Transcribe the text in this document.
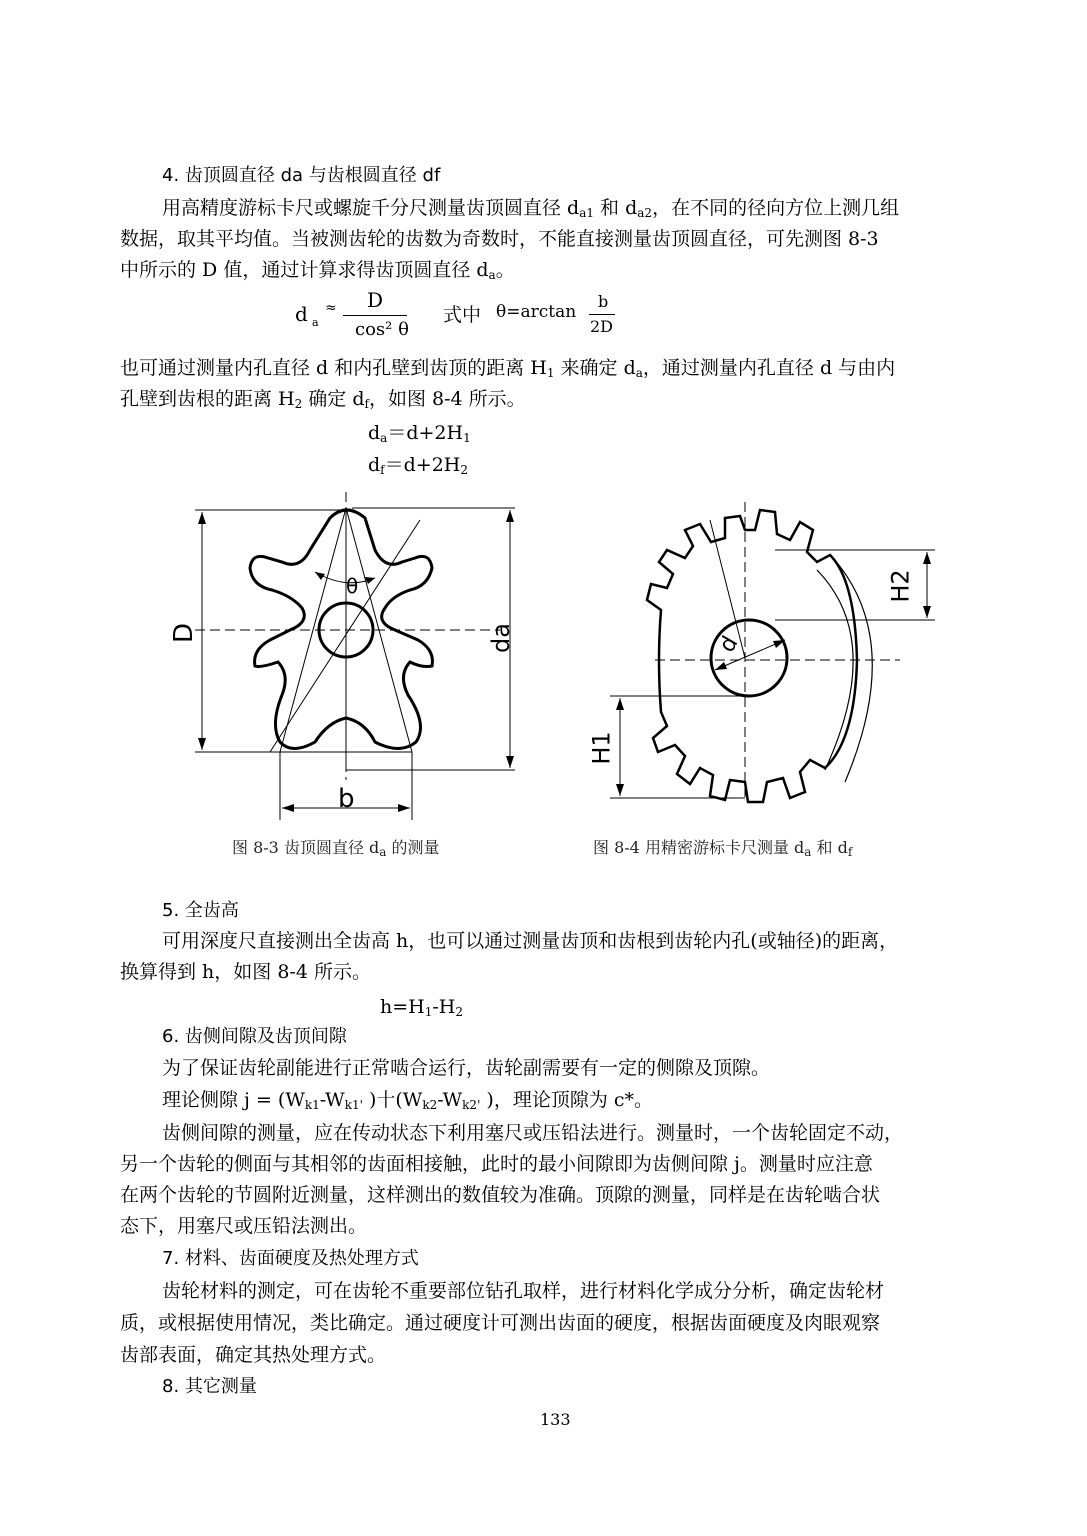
4. 齿顶圆直径 da 与齿根圆直径 df
用高精度游标卡尺或螺旋千分尺测量齿顶圆直径 $d_{a1}$ 和 $d_{a2}$，在不同的径向方位上测几组
数据，取其平均值。当被测齿轮的齿数为奇数时，不能直接测量齿顶圆直径，可先测图 8-3
中所示的 D 值，通过计算求得齿顶圆直径 $d_a$。
d a
≈ D
cos² θ
式中 θ=arctan
b
2D
也可通过测量内孔直径 d 和内孔壁到齿顶的距离 $H_1$ 来确定 $d_a$，通过测量内孔直径 d 与由内
孔壁到齿根的距离 $H_2$ 确定 $d_f$，如图 8-4 所示。
$d_a=d+2H_1$
$d_f=d+2H_2$
D	da
θ
b
H2
H1
d
图 8-3 齿顶圆直径 $d_a$ 的测量	图 8-4 用精密游标卡尺测量 $d_a$ 和 $d_f$
5. 全齿高
可用深度尺直接测出全齿高 h，也可以通过测量齿顶和齿根到齿轮内孔(或轴径)的距离，
换算得到 h，如图 8-4 所示。
$h=H_1-H_2$
6. 齿侧间隙及齿顶间隙
为了保证齿轮副能进行正常啮合运行，齿轮副需要有一定的侧隙及顶隙。
理论侧隙 $j = (W_{k1}-W_{k1'}$ )十($W_{k2}-W_{k2'}$ )，理论顶隙为 c*。
齿侧间隙的测量，应在传动状态下利用塞尺或压铅法进行。测量时，一个齿轮固定不动，
另一个齿轮的侧面与其相邻的齿面相接触，此时的最小间隙即为齿侧间隙 j。测量时应注意
在两个齿轮的节圆附近测量，这样测出的数值较为准确。顶隙的测量，同样是在齿轮啮合状
态下，用塞尺或压铅法测出。
7. 材料、齿面硬度及热处理方式
齿轮材料的测定，可在齿轮不重要部位钻孔取样，进行材料化学成分分析，确定齿轮材
质，或根据使用情况，类比确定。通过硬度计可测出齿面的硬度，根据齿面硬度及肉眼观察
齿部表面，确定其热处理方式。
8. 其它测量
133
